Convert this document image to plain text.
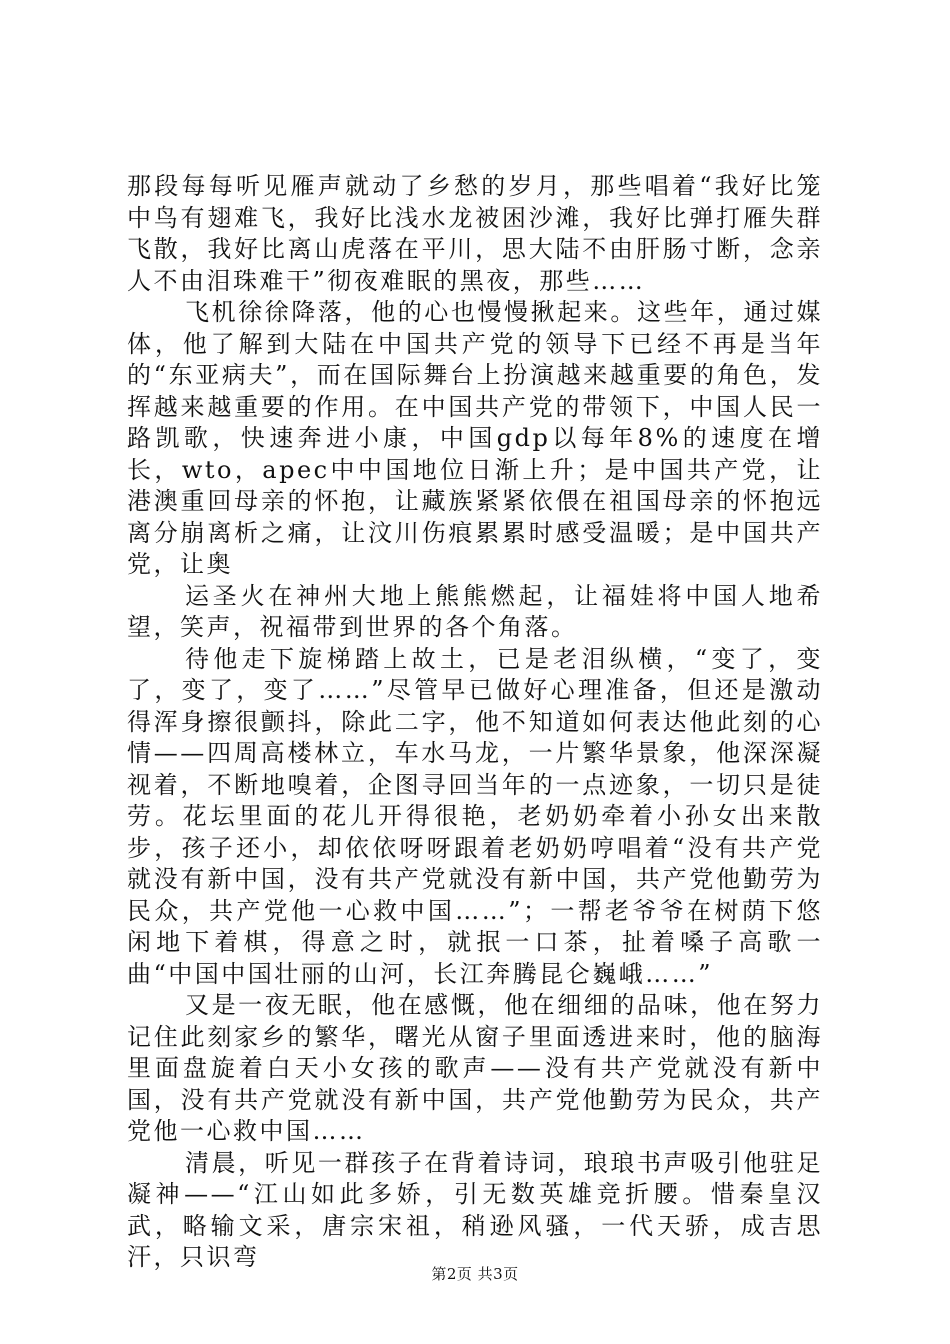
那段每每听见雁声就动了乡愁的岁月，那些唱着“我好比笼中鸟有翅难飞，我好比浅水龙被困沙滩，我好比弹打雁失群飞散，我好比离山虎落在平川，思大陆不由肝肠寸断，念亲人不由泪珠难干”彻夜难眠的黑夜，那些……

飞机徐徐降落，他的心也慢慢揪起来。这些年，通过媒体，他了解到大陆在中国共产党的领导下已经不再是当年的“东亚病夫”，而在国际舞台上扮演越来越重要的角色，发挥越来越重要的作用。在中国共产党的带领下，中国人民一路凯歌，快速奔进小康，中国gdp以每年8%的速度在增长，wto，apec中中国地位日渐上升；是中国共产党，让港澳重回母亲的怀抱，让藏族紧紧依偎在祖国母亲的怀抱远离分崩离析之痛，让汶川伤痕累累时感受温暖；是中国共产党，让奥

运圣火在神州大地上熊熊燃起，让福娃将中国人地希望，笑声，祝福带到世界的各个角落。

待他走下旋梯踏上故土，已是老泪纵横，“变了，变了，变了，变了……”尽管早已做好心理准备，但还是激动得浑身擦很颤抖，除此二字，他不知道如何表达他此刻的心情——四周高楼林立，车水马龙，一片繁华景象，他深深凝视着，不断地嗅着，企图寻回当年的一点迹象，一切只是徒劳。花坛里面的花儿开得很艳，老奶奶牵着小孙女出来散步，孩子还小，却依依呀呀跟着老奶奶哼唱着“没有共产党就没有新中国，没有共产党就没有新中国，共产党他勤劳为民众，共产党他一心救中国……”；一帮老爷爷在树荫下悠闲地下着棋，得意之时，就抿一口茶，扯着嗓子高歌一曲“中国中国壮丽的山河，长江奔腾昆仑巍峨……”

又是一夜无眠，他在感慨，他在细细的品味，他在努力记住此刻家乡的繁华，曙光从窗子里面透进来时，他的脑海里面盘旋着白天小女孩的歌声——没有共产党就没有新中国，没有共产党就没有新中国，共产党他勤劳为民众，共产党他一心救中国……

清晨，听见一群孩子在背着诗词，琅琅书声吸引他驻足凝神——“江山如此多娇，引无数英雄竞折腰。惜秦皇汉武，略输文采，唐宗宋祖，稍逊风骚，一代天骄，成吉思汗，只识弯

第2页 共3页
